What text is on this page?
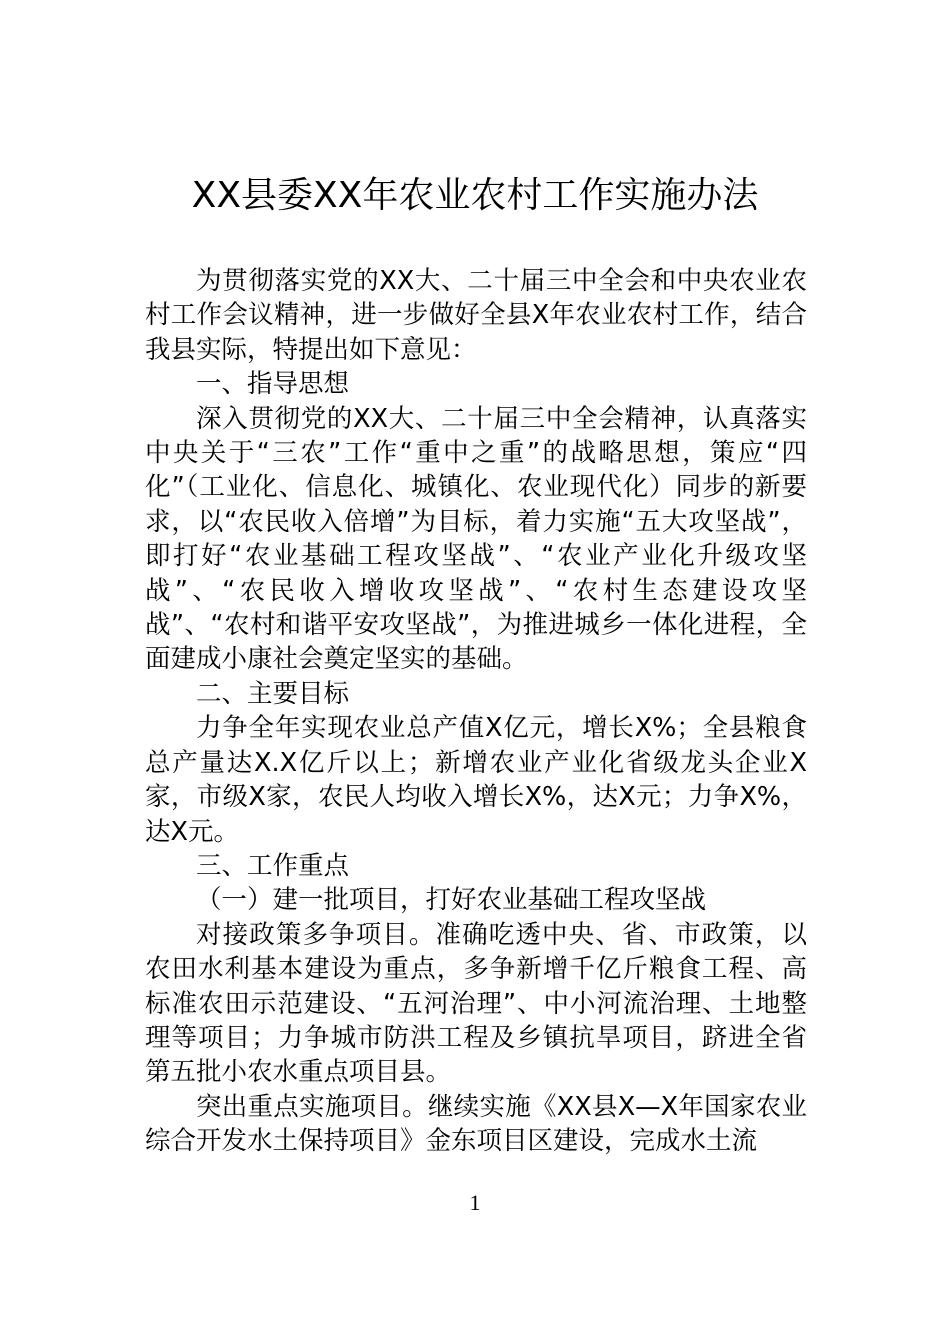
XX县委XX年农业农村工作实施办法

为贯彻落实党的XX大、二十届三中全会和中央农业农村工作会议精神，进一步做好全县X年农业农村工作，结合我县实际，特提出如下意见：

一、指导思想

深入贯彻党的XX大、二十届三中全会精神，认真落实中央关于“三农”工作“重中之重”的战略思想，策应“四化”（工业化、信息化、城镇化、农业现代化）同步的新要求，以“农民收入倍增”为目标，着力实施“五大攻坚战”，即打好“农业基础工程攻坚战”、“农业产业化升级攻坚战”、“农民收入增收攻坚战”、“农村生态建设攻坚战”、“农村和谐平安攻坚战”，为推进城乡一体化进程，全面建成小康社会奠定坚实的基础。

二、主要目标

力争全年实现农业总产值X亿元，增长X%；全县粮食总产量达X.X亿斤以上；新增农业产业化省级龙头企业X家，市级X家，农民人均收入增长X%，达X元；力争X%，达X元。

三、工作重点

（一）建一批项目，打好农业基础工程攻坚战

对接政策多争项目。准确吃透中央、省、市政策，以农田水利基本建设为重点，多争新增千亿斤粮食工程、高标准农田示范建设、“五河治理”、中小河流治理、土地整理等项目；力争城市防洪工程及乡镇抗旱项目，跻进全省第五批小农水重点项目县。

突出重点实施项目。继续实施《XX县X—X年国家农业综合开发水土保持项目》金东项目区建设，完成水土流

1
